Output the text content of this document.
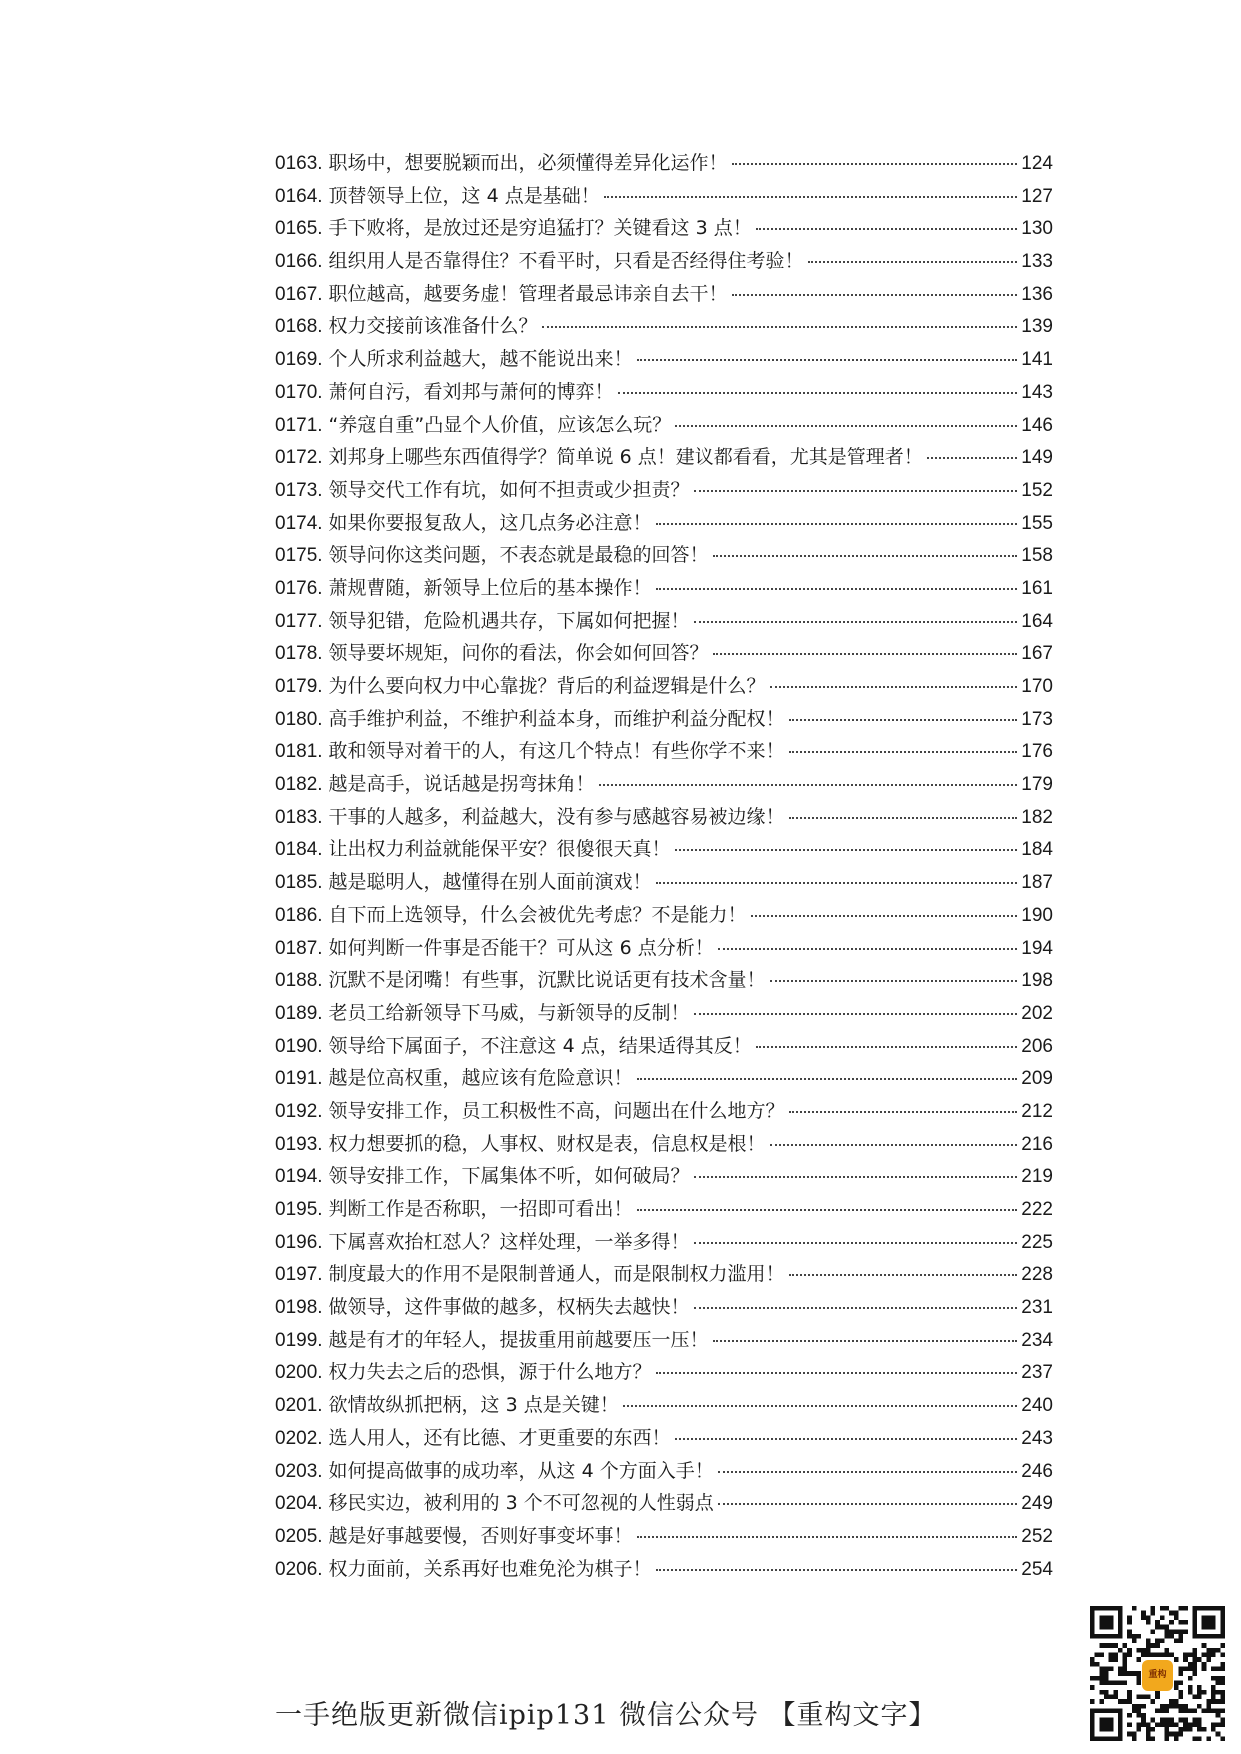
0163. 职场中，想要脱颖而出，必须懂得差异化运作！	124
0164. 顶替领导上位，这 4 点是基础！	127
0165. 手下败将，是放过还是穷追猛打？关键看这 3 点！	130
0166. 组织用人是否靠得住？不看平时，只看是否经得住考验！	133
0167. 职位越高，越要务虚！管理者最忌讳亲自去干！	136
0168. 权力交接前该准备什么？	139
0169. 个人所求利益越大，越不能说出来！	141
0170. 萧何自污，看刘邦与萧何的博弈！	143
0171. “养寇自重”凸显个人价值，应该怎么玩？	146
0172. 刘邦身上哪些东西值得学？简单说 6 点！建议都看看，尤其是管理者！	149
0173. 领导交代工作有坑，如何不担责或少担责？	152
0174. 如果你要报复敌人，这几点务必注意！	155
0175. 领导问你这类问题，不表态就是最稳的回答！	158
0176. 萧规曹随，新领导上位后的基本操作！	161
0177. 领导犯错，危险机遇共存，下属如何把握！	164
0178. 领导要坏规矩，问你的看法，你会如何回答？	167
0179. 为什么要向权力中心靠拢？背后的利益逻辑是什么？	170
0180. 高手维护利益，不维护利益本身，而维护利益分配权！	173
0181. 敢和领导对着干的人，有这几个特点！有些你学不来！	176
0182. 越是高手，说话越是拐弯抹角！	179
0183. 干事的人越多，利益越大，没有参与感越容易被边缘！	182
0184. 让出权力利益就能保平安？很傻很天真！	184
0185. 越是聪明人，越懂得在别人面前演戏！	187
0186. 自下而上选领导，什么会被优先考虑？不是能力！	190
0187. 如何判断一件事是否能干？可从这 6 点分析！	194
0188. 沉默不是闭嘴！有些事，沉默比说话更有技术含量！	198
0189. 老员工给新领导下马威，与新领导的反制！	202
0190. 领导给下属面子，不注意这 4 点，结果适得其反！	206
0191. 越是位高权重，越应该有危险意识！	209
0192. 领导安排工作，员工积极性不高，问题出在什么地方？	212
0193. 权力想要抓的稳，人事权、财权是表，信息权是根！	216
0194. 领导安排工作，下属集体不听，如何破局？	219
0195. 判断工作是否称职，一招即可看出！	222
0196. 下属喜欢抬杠怼人？这样处理，一举多得！	225
0197. 制度最大的作用不是限制普通人，而是限制权力滥用！	228
0198. 做领导，这件事做的越多，权柄失去越快！	231
0199. 越是有才的年轻人，提拔重用前越要压一压！	234
0200. 权力失去之后的恐惧，源于什么地方？	237
0201. 欲情故纵抓把柄，这 3 点是关键！	240
0202. 选人用人，还有比德、才更重要的东西！	243
0203. 如何提高做事的成功率，从这 4 个方面入手！	246
0204. 移民实边，被利用的 3 个不可忽视的人性弱点	249
0205. 越是好事越要慢，否则好事变坏事！	252
0206. 权力面前，关系再好也难免沦为棋子！	254
一手绝版更新微信ipip131 微信公众号 【重构文字】
重构
